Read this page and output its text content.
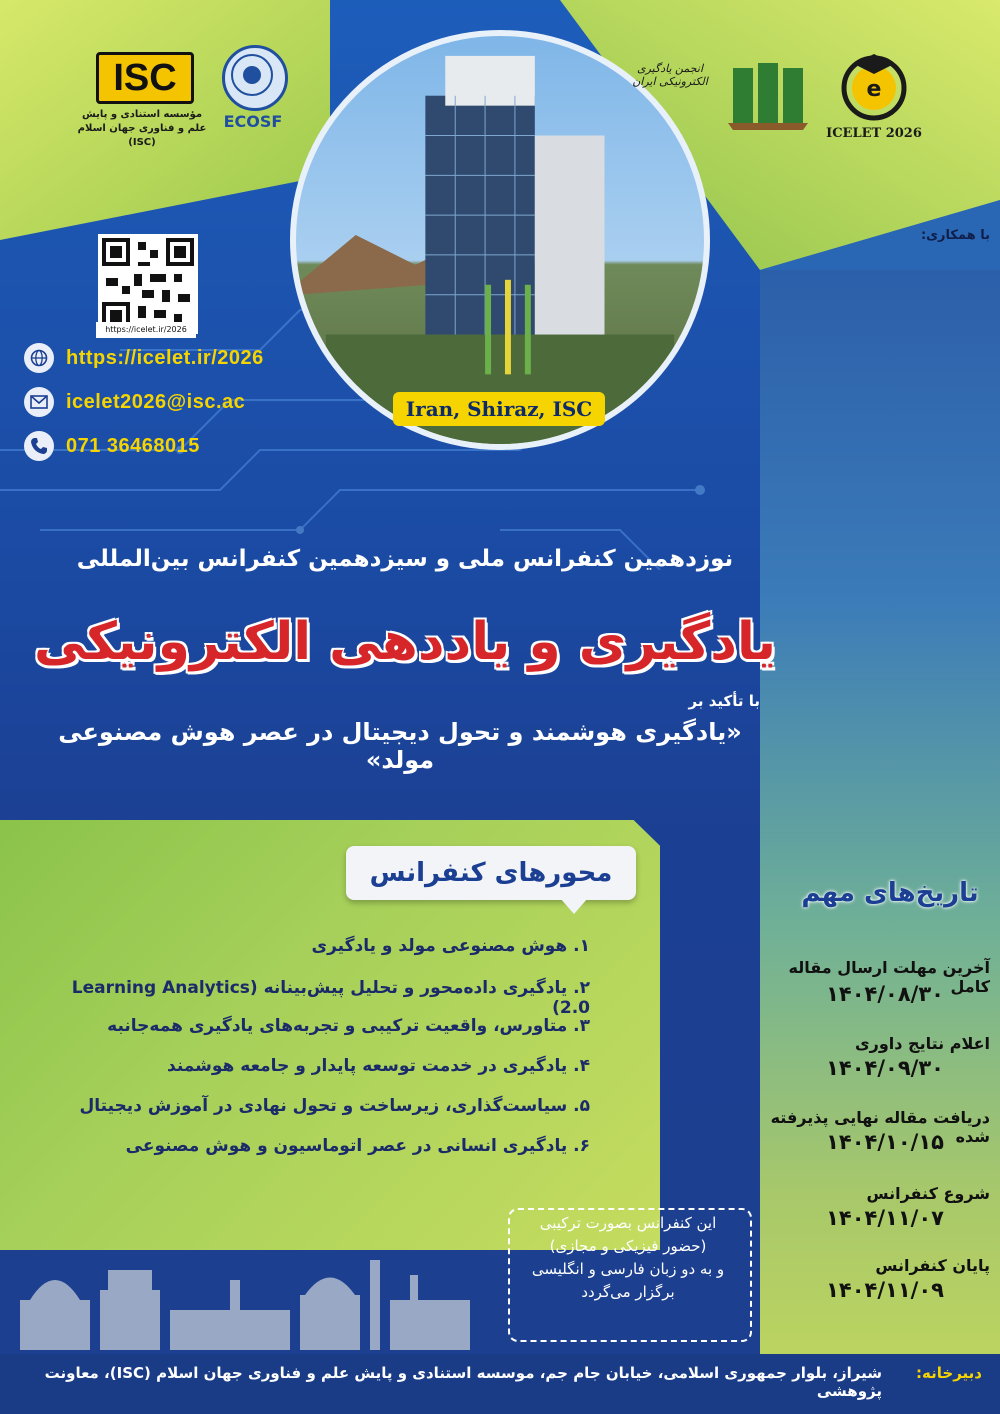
Iran, Shiraz, ISC
ISC
مؤسسه استنادی و پایش علم و فناوری جهان اسلام (ISC)
ECOSF
انجمن یادگیری الکترونیکی ایران	e
ICELET 2026
با همکاری:
https://icelet.ir/2026
https://icelet.ir/2026
icelet2026@isc.ac
071 36468015
نوزدهمین کنفرانس ملی و سیزدهمین کنفرانس بین‌المللی
یادگیری و یاددهی الکترونیکی
با تأکید بر
«یادگیری هوشمند و تحول دیجیتال در عصر هوش مصنوعی مولد»
محورهای کنفرانس
۱. هوش مصنوعی مولد و یادگیری
۲. یادگیری داده‌محور و تحلیل پیش‌بینانه (Learning Analytics 2.0)
۳. متاورس، واقعیت ترکیبی و تجربه‌های یادگیری همه‌جانبه
۴. یادگیری در خدمت توسعه پایدار و جامعه هوشمند
۵. سیاست‌گذاری، زیرساخت و تحول نهادی در آموزش دیجیتال
۶. یادگیری انسانی در عصر اتوماسیون و هوش مصنوعی
این کنفرانس بصورت ترکیبی
(حضور فیزیکی و مجازی)
و به دو زبان فارسی و انگلیسی
برگزار می‌گردد
تاریخ‌های مهم
آخرین مهلت ارسال مقاله کامل
۱۴۰۴/۰۸/۳۰
اعلام نتایج داوری
۱۴۰۴/۰۹/۳۰
دریافت مقاله نهایی پذیرفته شده
۱۴۰۴/۱۰/۱۵
شروع کنفرانس
۱۴۰۴/۱۱/۰۷
پایان کنفرانس
۱۴۰۴/۱۱/۰۹
دبیرخانه:
شیراز، بلوار جمهوری اسلامی، خیابان جام جم، موسسه استنادی و پایش علم و فناوری جهان اسلام (ISC)، معاونت پژوهشی
